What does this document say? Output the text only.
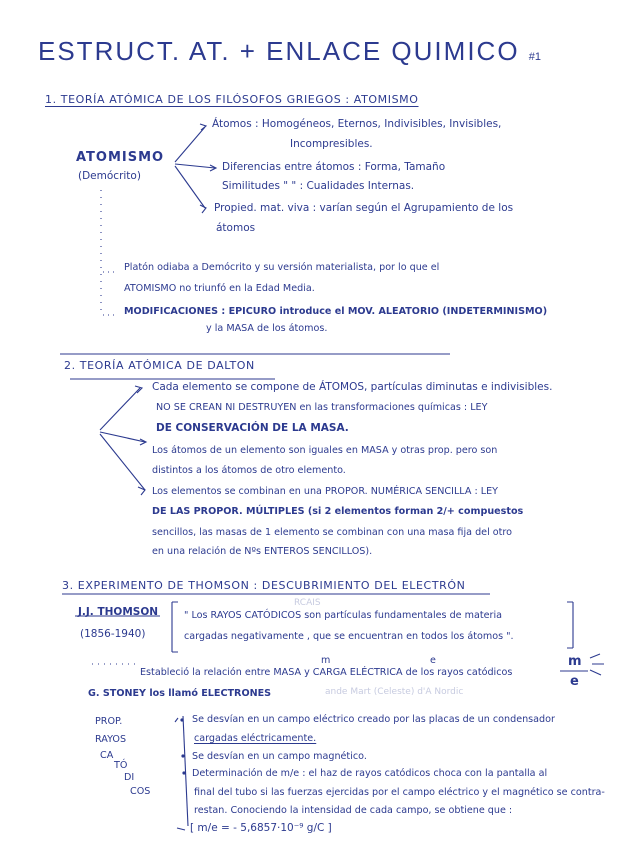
ESTRUCT. AT. + ENLACE QUIMICO #1
1. TEORÍA ATÓMICA DE LOS FILÓSOFOS GRIEGOS : ATOMISMO
ATOMISMO
(Demócrito)
Átomos : Homogéneos, Eternos, Indivisibles, Invisibles,
Incompresibles.
Diferencias entre átomos : Forma, Tamaño
Similitudes " " : Cualidades Internas.
Propied. mat. viva : varían según el Agrupamiento de los
átomos
Platón odiaba a Demócrito y su versión materialista, por lo que el
ATOMISMO no triunfó en la Edad Media.
MODIFICACIONES : EPICURO introduce el MOV. ALEATORIO (INDETERMINISMO)
y la MASA de los átomos.
2. TEORÍA ATÓMICA DE DALTON
Cada elemento se compone de ÁTOMOS, partículas diminutas e indivisibles.
NO SE CREAN NI DESTRUYEN en las transformaciones químicas : LEY
DE CONSERVACIÓN DE LA MASA.
Los átomos de un elemento son iguales en MASA y otras prop. pero son
distintos a los átomos de otro elemento.
Los elementos se combinan en una PROPOR. NUMÉRICA SENCILLA : LEY
DE LAS PROPOR. MÚLTIPLES (si 2 elementos forman 2/+ compuestos
sencillos, las masas de 1 elemento se combinan con una masa fija del otro
en una relación de Nºs ENTEROS SENCILLOS).
3. EXPERIMENTO DE THOMSON : DESCUBRIMIENTO DEL ELECTRÓN
J.J. THOMSON
(1856-1940)
RCAIS
" Los RAYOS CATÓDICOS son partículas fundamentales de materia
cargadas negativamente , que se encuentran en todos los átomos ".
Estableció la relación entre MASA y CARGA ELÉCTRICA de los rayos catódicos
m	e	m
e
G. STONEY los llamó ELECTRONES	ande Mart (Celeste) d'A Nordic
PROP.
RAYOS
CA
TÓ
DI
COS
Se desvían en un campo eléctrico creado por las placas de un condensador
cargadas eléctricamente.
Se desvían en un campo magnético.
Determinación de m/e : el haz de rayos catódicos choca con la pantalla al
final del tubo si las fuerzas ejercidas por el campo eléctrico y el magnético se contra-
restan. Conociendo la intensidad de cada campo, se obtiene que :
[ m/e = - 5,6857·10⁻⁹ g/C ]
